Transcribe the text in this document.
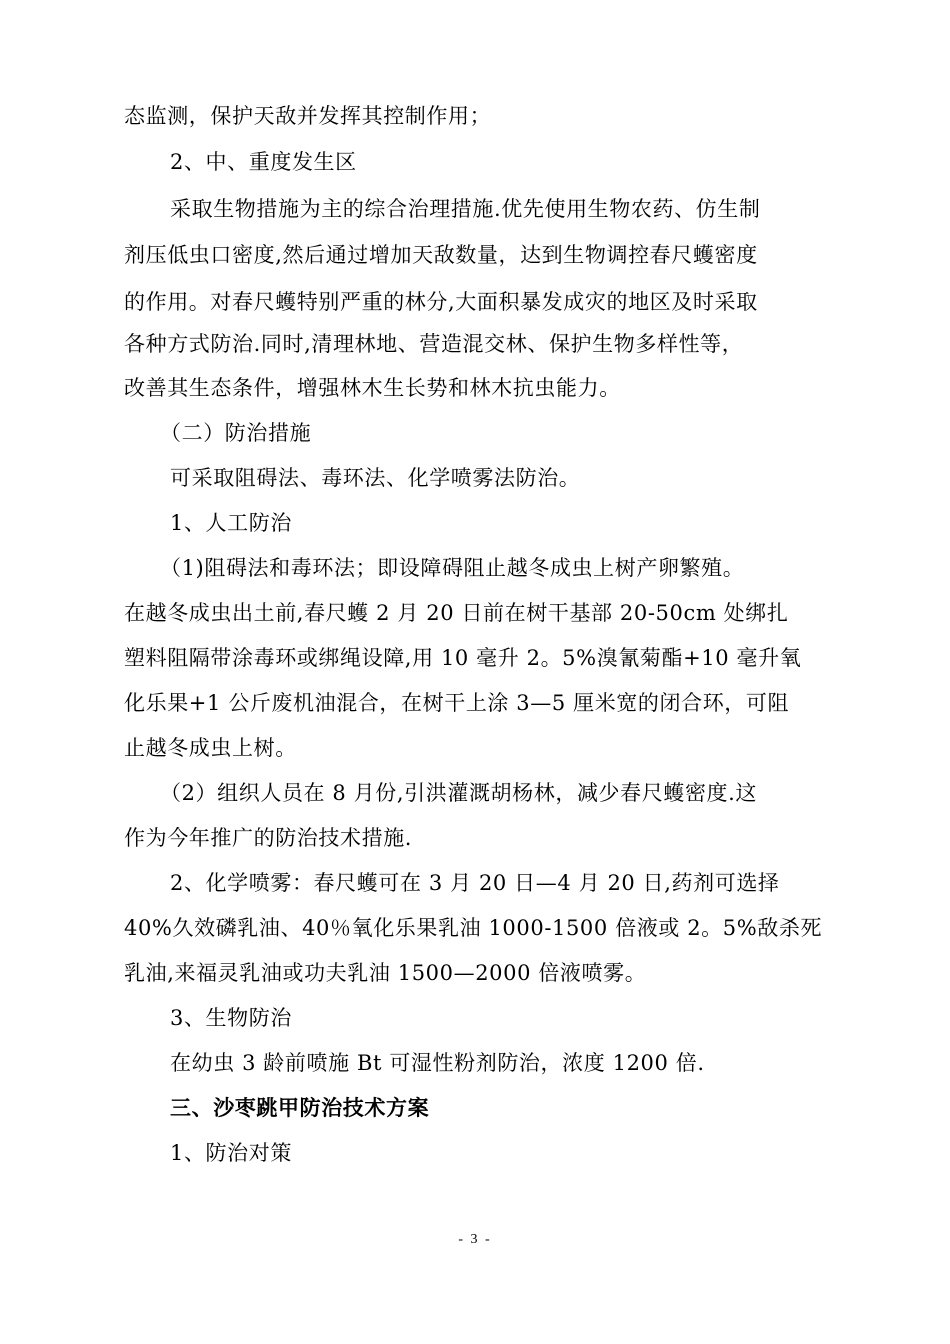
态监测，保护天敌并发挥其控制作用；
2、中、重度发生区
采取生物措施为主的综合治理措施.优先使用生物农药、仿生制
剂压低虫口密度,然后通过增加天敌数量，达到生物调控春尺蠖密度
的作用。对春尺蠖特别严重的林分,大面积暴发成灾的地区及时采取
各种方式防治.同时,清理林地、营造混交林、保护生物多样性等，
改善其生态条件，增强林木生长势和林木抗虫能力。
（二）防治措施
可采取阻碍法、毒环法、化学喷雾法防治。
1、人工防治
（1)阻碍法和毒环法；即设障碍阻止越冬成虫上树产卵繁殖。
在越冬成虫出土前,春尺蠖 2 月 20 日前在树干基部 20-50cm 处绑扎
塑料阻隔带涂毒环或绑绳设障,用 10 毫升 2。5%溴氰菊酯+10 毫升氧
化乐果+1 公斤废机油混合，在树干上涂 3—5 厘米宽的闭合环，可阻
止越冬成虫上树。
（2）组织人员在 8 月份,引洪灌溉胡杨林，减少春尺蠖密度.这
作为今年推广的防治技术措施.
2、化学喷雾：春尺蠖可在 3 月 20 日—4 月 20 日,药剂可选择
40%久效磷乳油、40％氧化乐果乳油 1000-1500 倍液或 2。5%敌杀死
乳油,来福灵乳油或功夫乳油 1500—2000 倍液喷雾。
3、生物防治
在幼虫 3 龄前喷施 Bt 可湿性粉剂防治，浓度 1200 倍.
三、沙枣跳甲防治技术方案
1、防治对策
- 3 -
